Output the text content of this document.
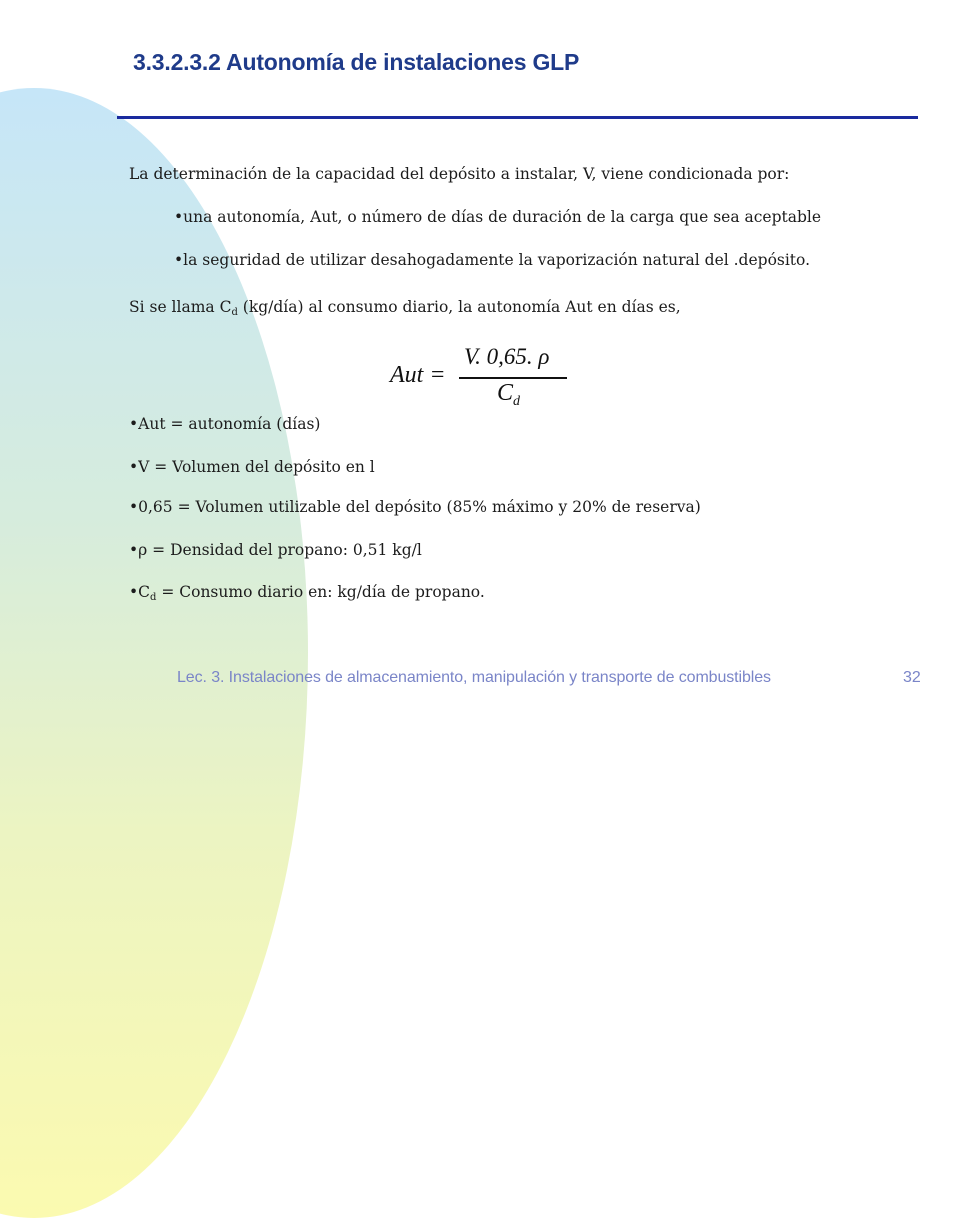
3.3.2.3.2 Autonomía de instalaciones GLP
La determinación de la capacidad del depósito a instalar, V, viene condicionada por:
•una autonomía, Aut, o número de días de duración de la carga que sea aceptable
•la seguridad de utilizar desahogadamente la vaporización natural del .depósito.
Si se llama $C_d$ (kg/día) al consumo diario, la autonomía Aut en días es,
Aut =
V. 0,65. ρ
$C_d$
•Aut = autonomía (días)
•V = Volumen del depósito en l
•0,65 = Volumen utilizable del depósito (85% máximo y 20% de reserva)
•ρ = Densidad del propano: 0,51 kg/l
$•C_d$ = Consumo diario en: kg/día de propano.
Lec. 3. Instalaciones de almacenamiento, manipulación y transporte de combustibles	32
